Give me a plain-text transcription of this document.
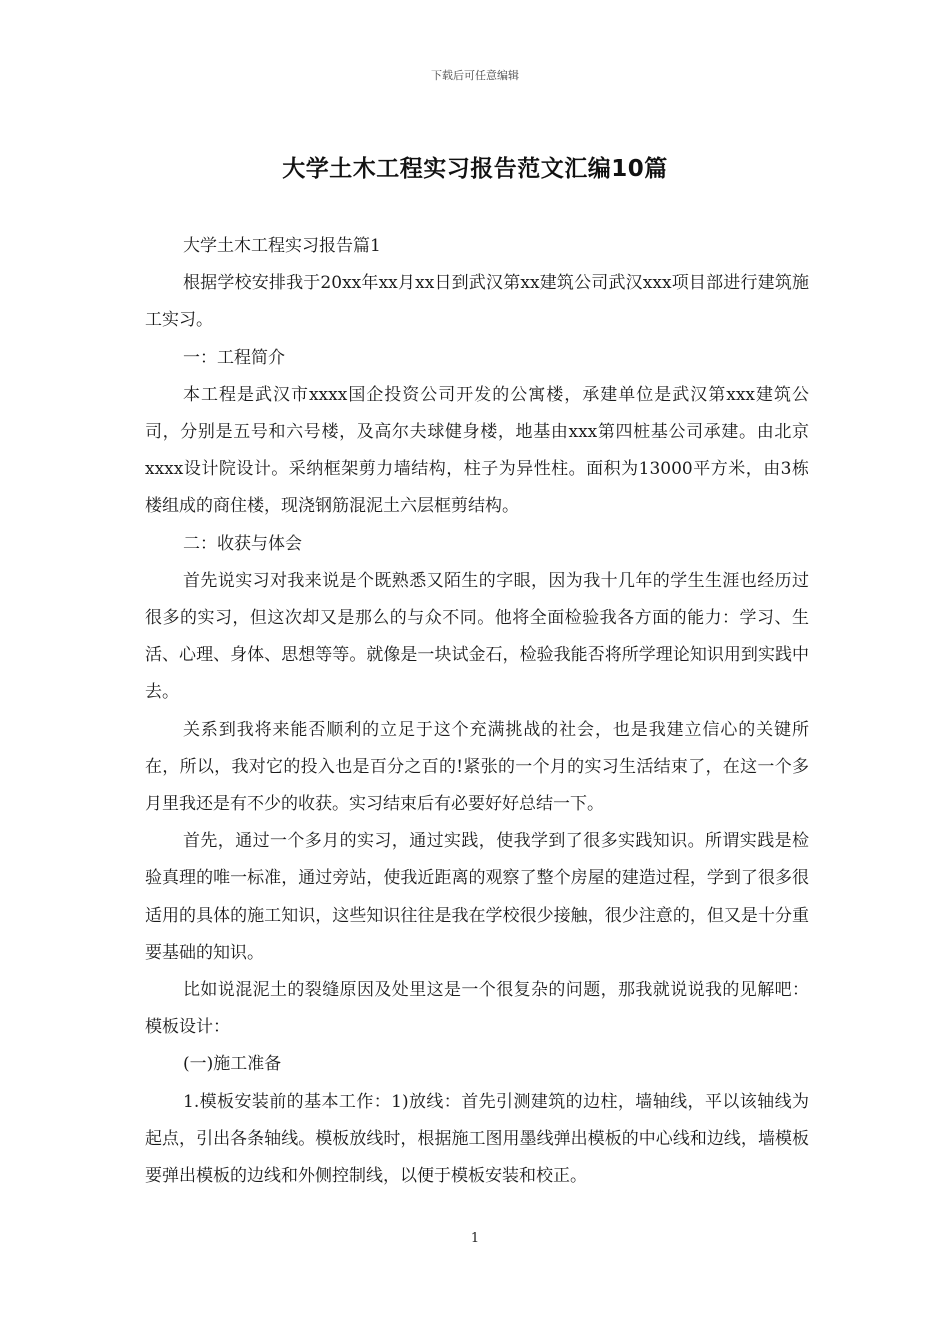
下载后可任意编辑
大学土木工程实习报告范文汇编10篇

大学土木工程实习报告篇1

根据学校安排我于20xx年xx月xx日到武汉第xx建筑公司武汉xxx项目部进行建筑施工实习。

一：工程简介

本工程是武汉市xxxx国企投资公司开发的公寓楼，承建单位是武汉第xxx建筑公司，分别是五号和六号楼，及高尔夫球健身楼，地基由xxx第四桩基公司承建。由北京xxxx设计院设计。采纳框架剪力墙结构，柱子为异性柱。面积为13000平方米，由3栋楼组成的商住楼，现浇钢筋混泥土六层框剪结构。

二：收获与体会

首先说实习对我来说是个既熟悉又陌生的字眼，因为我十几年的学生生涯也经历过很多的实习，但这次却又是那么的与众不同。他将全面检验我各方面的能力：学习、生活、心理、身体、思想等等。就像是一块试金石，检验我能否将所学理论知识用到实践中去。

关系到我将来能否顺利的立足于这个充满挑战的社会，也是我建立信心的关键所在，所以，我对它的投入也是百分之百的!紧张的一个月的实习生活结束了，在这一个多月里我还是有不少的收获。实习结束后有必要好好总结一下。

首先，通过一个多月的实习，通过实践，使我学到了很多实践知识。所谓实践是检验真理的唯一标准，通过旁站，使我近距离的观察了整个房屋的建造过程，学到了很多很适用的具体的施工知识，这些知识往往是我在学校很少接触，很少注意的，但又是十分重要基础的知识。

比如说混泥土的裂缝原因及处里这是一个很复杂的问题，那我就说说我的见解吧：模板设计：

(一)施工准备

1.模板安装前的基本工作：1)放线：首先引测建筑的边柱，墙轴线，平以该轴线为起点，引出各条轴线。模板放线时，根据施工图用墨线弹出模板的中心线和边线，墙模板要弹出模板的边线和外侧控制线，以便于模板安装和校正。

1
